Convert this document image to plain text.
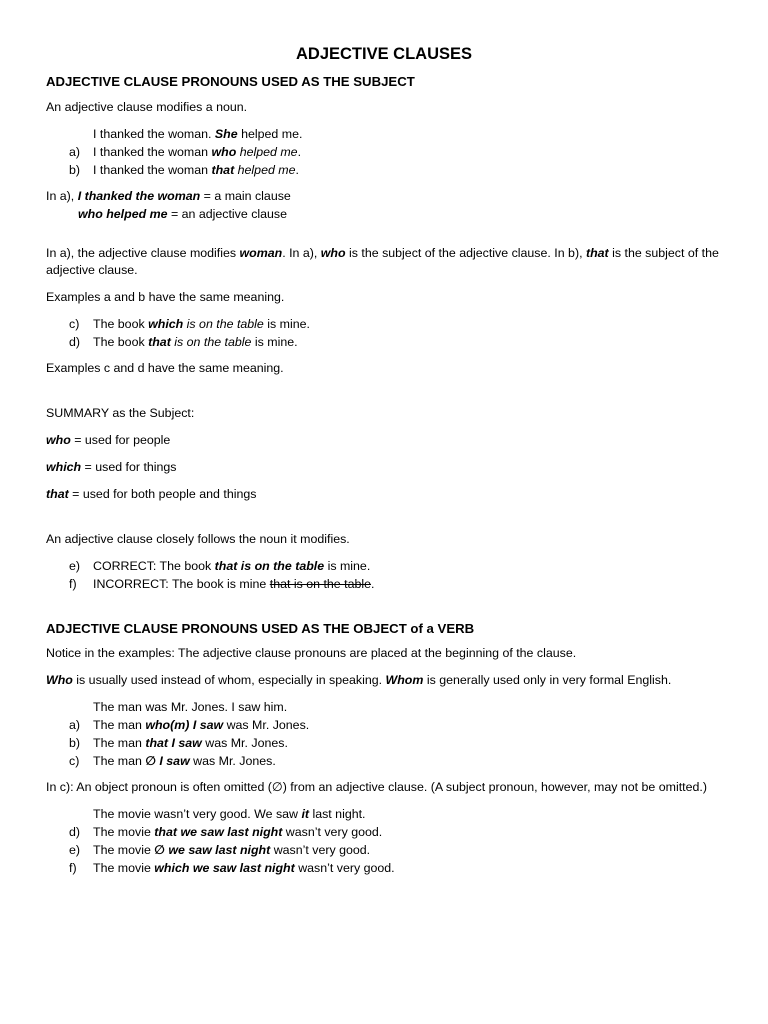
ADJECTIVE CLAUSES
ADJECTIVE CLAUSE PRONOUNS USED AS THE SUBJECT

An adjective clause modifies a noun.

I thanked the woman. She helped me.
a)	I thanked the woman who helped me.
b)	I thanked the woman that helped me.
In a), I thanked the woman = a main clause
who helped me = an adjective clause

In a), the adjective clause modifies woman. In a), who is the subject of the adjective clause. In b), that is the subject of the adjective clause.

Examples a and b have the same meaning.

c)	The book which is on the table is mine.
d)	The book that is on the table is mine.

Examples c and d have the same meaning.

SUMMARY as the Subject:

who = used for people

which = used for things

that = used for both people and things

An adjective clause closely follows the noun it modifies.

e)	CORRECT: The book that is on the table is mine.
f)	INCORRECT: The book is mine that is on the table.
ADJECTIVE CLAUSE PRONOUNS USED AS THE OBJECT of a VERB

Notice in the examples: The adjective clause pronouns are placed at the beginning of the clause.

Who is usually used instead of whom, especially in speaking. Whom is generally used only in very formal English.

The man was Mr. Jones. I saw him.
a)	The man who(m) I saw was Mr. Jones.
b)	The man that I saw was Mr. Jones.
c)	The man ∅ I saw was Mr. Jones.

In c): An object pronoun is often omitted (∅) from an adjective clause. (A subject pronoun, however, may not be omitted.)

The movie wasn’t very good. We saw it last night.
d)	The movie that we saw last night wasn’t very good.
e)	The movie ∅ we saw last night wasn’t very good.
f)	The movie which we saw last night wasn’t very good.
